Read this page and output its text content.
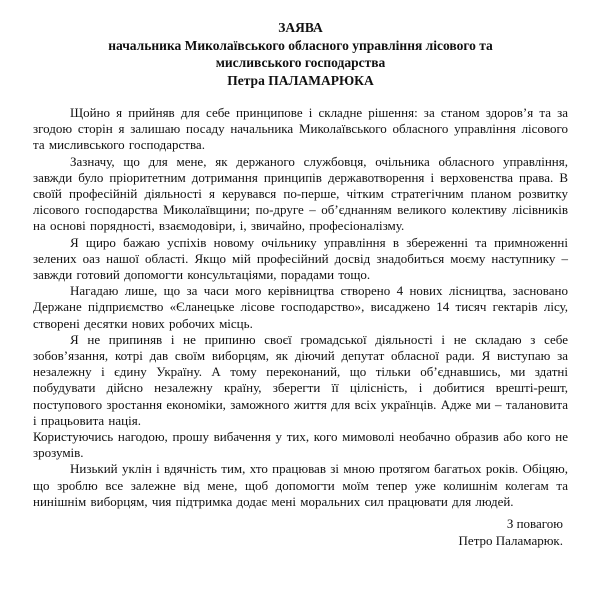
ЗАЯВА
начальника Миколаївського обласного управління лісового та
мисливського господарства
Петра ПАЛАМАРЮКА

Щойно я прийняв для себе принципове і складне рішення: за станом здоров’я та за згодою сторін я залишаю посаду начальника Миколаївського обласного управління лісового та мисливського господарства.

Зазначу, що для мене, як держаного службовця, очільника обласного управління, завжди було пріоритетним дотримання принципів державотворення і верховенства права. В своїй професійній діяльності я керувався по-перше, чітким стратегічним планом розвитку лісового господарства Миколаївщини; по-друге – об’єднанням великого колективу лісівників на основі порядності, взаємодовіри, і, звичайно, професіоналізму.

Я щиро бажаю успіхів новому очільнику управління в збереженні та примноженні зелених оаз нашої області. Якщо мій професійний досвід знадобиться моєму наступнику – завжди готовий допомогти консультаціями, порадами тощо.

Нагадаю лише, що за часи мого керівництва створено 4 нових лісництва, засновано Держане підприємство «Єланецьке лісове господарство», висаджено 14 тисяч гектарів лісу, створені десятки нових робочих місць.

Я не припиняв і не припиню своєї громадської діяльності і не складаю з себе зобов’язання, котрі дав своїм виборцям, як діючий депутат обласної ради. Я виступаю за незалежну і єдину Україну. А тому переконаний, що тільки об’єднавшись, ми здатні побудувати дійсно незалежну країну, зберегти її цілісність, і добитися врешті-решт, поступового зростання економіки, заможного життя для всіх українців. Адже ми – талановита і працьовита нація.

Користуючись нагодою, прошу вибачення у тих, кого мимоволі необачно образив або кого не зрозумів.

Низький уклін і вдячність тим, хто працював зі мною протягом багатьох років. Обіцяю, що зроблю все залежне від мене, щоб допомогти моїм тепер уже колишнім колегам та нинішнім виборцям, чия підтримка додає мені моральних сил працювати для людей.

З повагою
Петро Паламарюк.
